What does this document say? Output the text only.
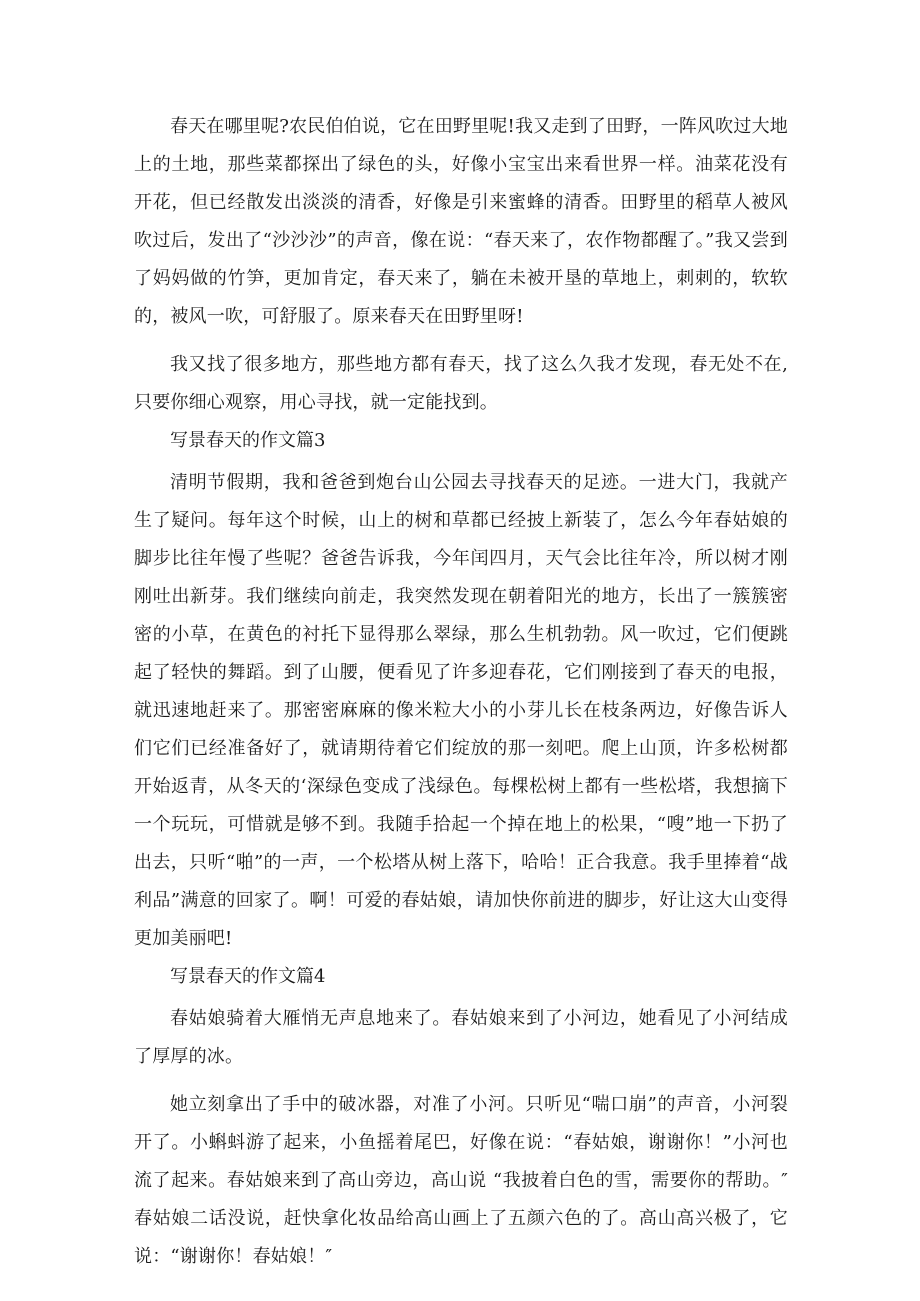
春天在哪里呢?农民伯伯说，它在田野里呢!我又走到了田野，一阵风吹过大地上的土地，那些菜都探出了绿色的头，好像小宝宝出来看世界一样。油菜花没有开花，但已经散发出淡淡的清香，好像是引来蜜蜂的清香。田野里的稻草人被风吹过后，发出了“沙沙沙”的声音，像在说：“春天来了，农作物都醒了。”我又尝到了妈妈做的竹笋，更加肯定，春天来了，躺在未被开垦的草地上，刺刺的，软软的，被风一吹，可舒服了。原来春天在田野里呀!

我又找了很多地方，那些地方都有春天，找了这么久我才发现，春无处不在,只要你细心观察，用心寻找，就一定能找到。

写景春天的作文篇3

清明节假期，我和爸爸到炮台山公园去寻找春天的足迹。一进大门，我就产生了疑问。每年这个时候，山上的树和草都已经披上新装了，怎么今年春姑娘的脚步比往年慢了些呢？爸爸告诉我，今年闰四月，天气会比往年冷，所以树才刚刚吐出新芽。我们继续向前走，我突然发现在朝着阳光的地方，长出了一簇簇密密的小草，在黄色的衬托下显得那么翠绿，那么生机勃勃。风一吹过，它们便跳起了轻快的舞蹈。到了山腰，便看见了许多迎春花，它们刚接到了春天的电报，就迅速地赶来了。那密密麻麻的像米粒大小的小芽儿长在枝条两边，好像告诉人们它们已经准备好了，就请期待着它们绽放的那一刻吧。爬上山顶，许多松树都开始返青，从冬天的‘深绿色变成了浅绿色。每棵松树上都有一些松塔，我想摘下一个玩玩，可惜就是够不到。我随手拾起一个掉在地上的松果，“嗖”地一下扔了出去，只听“啪”的一声，一个松塔从树上落下，哈哈！正合我意。我手里捧着“战利品”满意的回家了。啊！可爱的春姑娘，请加快你前进的脚步，好让这大山变得更加美丽吧!

写景春天的作文篇4

春姑娘骑着大雁悄无声息地来了。春姑娘来到了小河边，她看见了小河结成了厚厚的冰。

她立刻拿出了手中的破冰器，对准了小河。只听见“喘口崩”的声音，小河裂开了。小蝌蚪游了起来，小鱼摇着尾巴，好像在说：“春姑娘，谢谢你！”小河也流了起来。春姑娘来到了高山旁边，高山说 “我披着白色的雪，需要你的帮助。″春姑娘二话没说，赶快拿化妆品给高山画上了五颜六色的了。高山高兴极了，它说：“谢谢你！春姑娘！″
